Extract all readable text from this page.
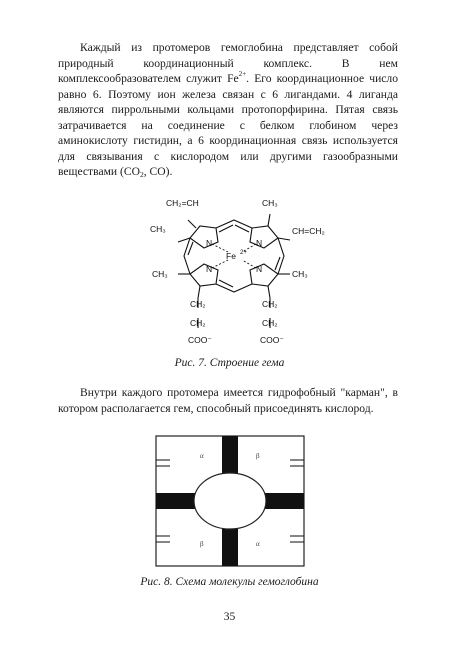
Каждый из протомеров гемоглобина представляет собой природный координационный комплекс. В нем комплексообразователем служит $Fe^{2+}$. Его координационное число равно 6. Поэтому ион железа связан с 6 лигандами. 4 лиганда являются пиррольными кольцами протопорфирина. Пятая связь затрачивается на соединение с белком глобином через аминокислоту гистидин, а 6 координационная связь используется для связывания с кислородом или другими газообразными веществами ($CO_2$, CO).

CH₂=CH	CH₃
CH₃	CH=CH₂
N	N
N	N
Fe 2+
CH₃	CH₃
CH₂
CH₂
COO⁻
CH₂
CH₂
COO⁻
Рис. 7. Строение гема

Внутри каждого протомера имеется гидрофобный "карман", в котором располагается гем, способный присоединять кислород.

α	β
β	α
Рис. 8. Схема молекулы гемоглобина
35
